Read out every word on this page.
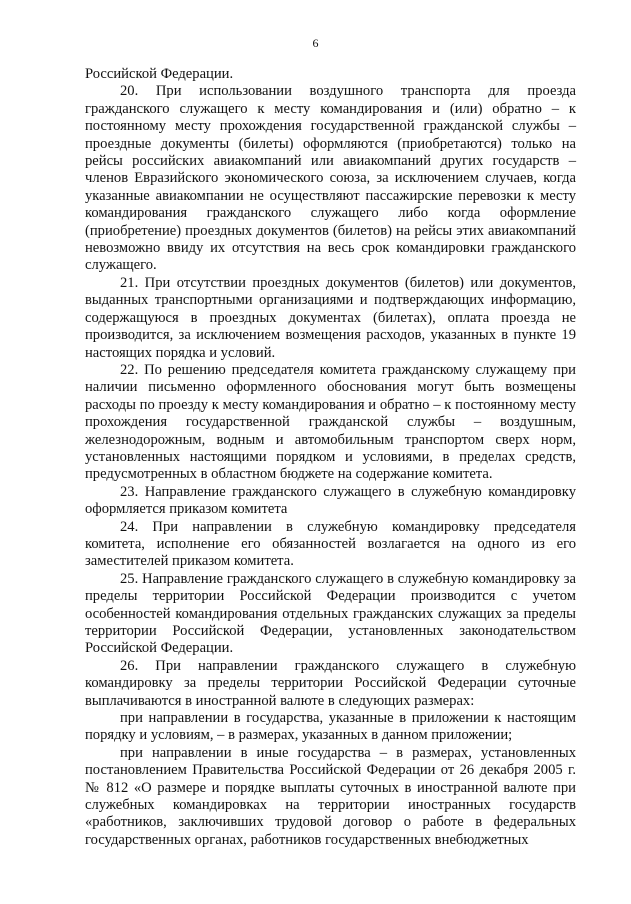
6

Российской Федерации.

20. При использовании воздушного транспорта для проезда гражданского служащего к месту командирования и (или) обратно – к постоянному месту прохождения государственной гражданской службы – проездные документы (билеты) оформляются (приобретаются) только на рейсы российских авиакомпаний или авиакомпаний других государств – членов Евразийского экономического союза, за исключением случаев, когда указанные авиакомпании не осуществляют пассажирские перевозки к месту командирования гражданского служащего либо когда оформление (приобретение) проездных документов (билетов) на рейсы этих авиакомпаний невозможно ввиду их отсутствия на весь срок командировки гражданского служащего.

21. При отсутствии проездных документов (билетов) или документов, выданных транспортными организациями и подтверждающих информацию, содержащуюся в проездных документах (билетах), оплата проезда не производится, за исключением возмещения расходов, указанных в пункте 19 настоящих порядка и условий.

22. По решению председателя комитета гражданскому служащему при наличии письменно оформленного обоснования могут быть возмещены расходы по проезду к месту командирования и обратно – к постоянному месту прохождения государственной гражданской службы – воздушным, железнодорожным, водным и автомобильным транспортом сверх норм, установленных настоящими порядком и условиями, в пределах средств, предусмотренных в областном бюджете на содержание комитета.

23. Направление гражданского служащего в служебную командировку оформляется приказом комитета

24. При направлении в служебную командировку председателя комитета, исполнение его обязанностей возлагается на одного из его заместителей приказом комитета.

25. Направление гражданского служащего в служебную командировку за пределы территории Российской Федерации производится с учетом особенностей командирования отдельных гражданских служащих за пределы территории Российской Федерации, установленных законодательством Российской Федерации.

26. При направлении гражданского служащего в служебную командировку за пределы территории Российской Федерации суточные выплачиваются в иностранной валюте в следующих размерах:

при направлении в государства, указанные в приложении к настоящим порядку и условиям, – в размерах, указанных в данном приложении;

при направлении в иные государства – в размерах, установленных постановлением Правительства Российской Федерации от 26 декабря 2005 г. № 812 «О размере и порядке выплаты суточных в иностранной валюте при служебных командировках на территории иностранных государств «работников, заключивших трудовой договор о работе в федеральных государственных органах, работников государственных внебюджетных
